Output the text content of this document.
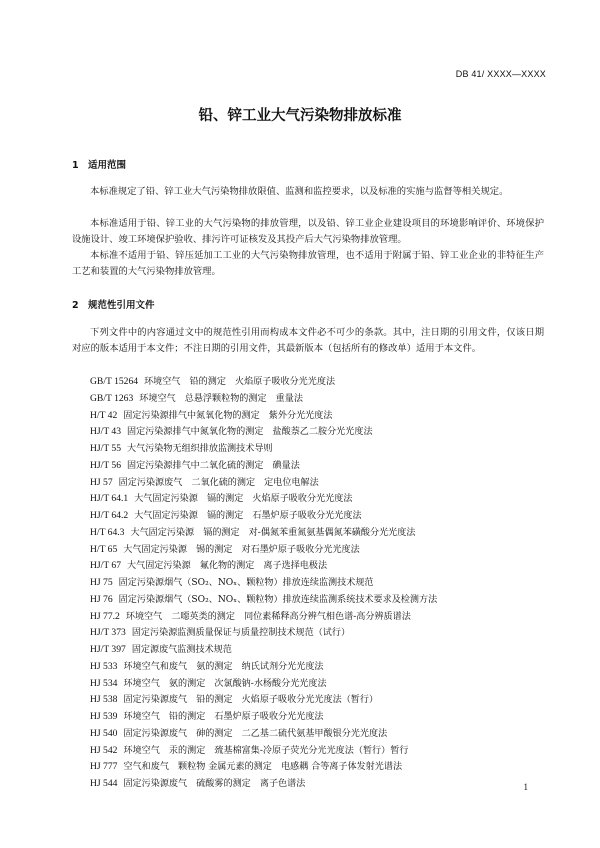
DB 41/ XXXX—XXXX
铅、锌工业大气污染物排放标准
1 适用范围
本标准规定了铅、锌工业大气污染物排放限值、监测和监控要求，以及标准的实施与监督等相关规定。
本标准适用于铅、锌工业的大气污染物的排放管理，以及铅、锌工业企业建设项目的环境影响评价、环境保护设施设计、竣工环境保护验收、排污许可证核发及其投产后大气污染物排放管理。
本标准不适用于铅、锌压延加工工业的大气污染物排放管理，也不适用于附属于铅、锌工业企业的非特征生产工艺和装置的大气污染物排放管理。
2 规范性引用文件
下列文件中的内容通过文中的规范性引用而构成本文件必不可少的条款。其中，注日期的引用文件，仅该日期对应的版本适用于本文件；不注日期的引用文件，其最新版本（包括所有的修改单）适用于本文件。
GB/T 15264 环境空气　铅的测定　火焰原子吸收分光光度法
GB/T 1263 环境空气　总悬浮颗粒物的测定　重量法
H/T 42 固定污染源排气中氮氧化物的测定　紫外分光光度法
HJ/T 43 固定污染源排气中氮氧化物的测定　盐酸萘乙二胺分光光度法
HJ/T 55 大气污染物无组织排放监测技术导则
HJ/T 56 固定污染源排气中二氧化硫的测定　碘量法
HJ 57 固定污染源废气　二氧化硫的测定　定电位电解法
HJ/T 64.1 大气固定污染源　镉的测定　火焰原子吸收分光光度法
HJ/T 64.2 大气固定污染源　镉的测定　石墨炉原子吸收分光光度法
H/T 64.3 大气固定污染源　镉的测定　对-偶氮苯重氮氨基偶氮苯磺酸分光光度法
H/T 65 大气固定污染源　锡的测定　对石墨炉原子吸收分光光度法
HJ/T 67 大气固定污染源　氟化物的测定　离子选择电极法
HJ 75 固定污染源烟气（SO₂、NOₓ、颗粒物）排放连续监测技术规范
HJ 76 固定污染源烟气（SO₂、NOₓ、颗粒物）排放连续监测系统技术要求及检测方法
HJ 77.2 环境空气　二噁英类的测定　同位素稀释高分辨气相色谱-高分辨质谱法
HJ/T 373 固定污染源监测质量保证与质量控制技术规范（试行）
HJ/T 397 固定源废气监测技术规范
HJ 533 环境空气和废气　氨的测定　纳氏试剂分光光度法
HJ 534 环境空气　氨的测定　次氯酸钠-水杨酸分光光度法
HJ 538 固定污染源废气　铅的测定　火焰原子吸收分光光度法（暂行）
HJ 539 环境空气　铅的测定　石墨炉原子吸收分光光度法
HJ 540 固定污染源废气　砷的测定　二乙基二硫代氨基甲酸银分光光度法
HJ 542 环境空气　汞的测定　巯基棉富集-冷原子荧光分光光度法（暂行）暂行
HJ 777 空气和废气　颗粒物 金属元素的测定　电感耦 合等离子体发射光谱法
HJ 544 固定污染源废气　硫酸雾的测定　离子色谱法	1
